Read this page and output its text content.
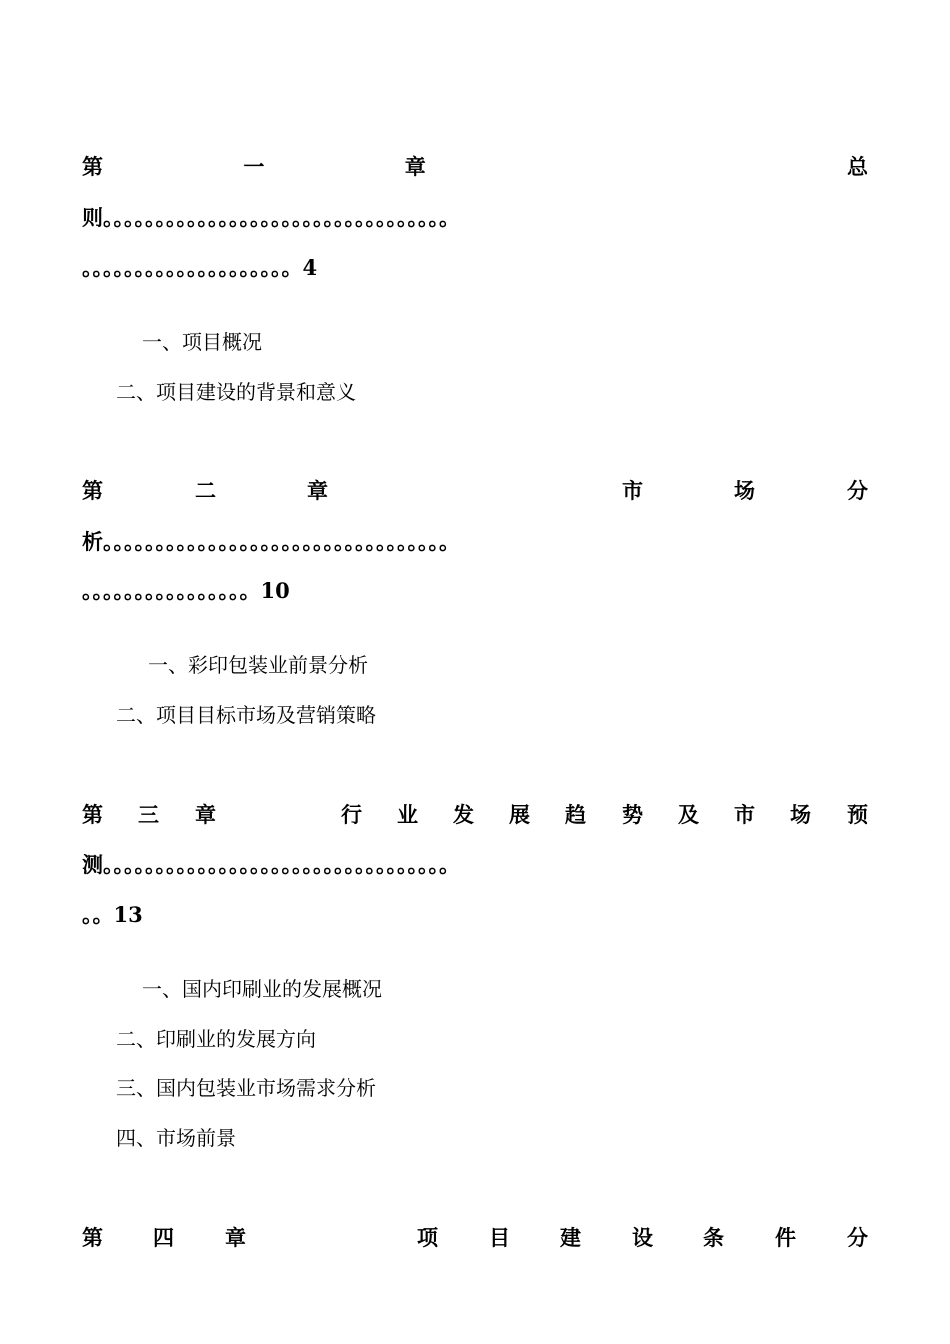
第	一	章	总
则。。。。。。。。。。。。。。。。。。。。。。。。。。。。。。。。。
。。。。。。。。。。。。。。。。。。。。4
一、项目概况
二、项目建设的背景和意义
第	二	章	市	场	分
析。。。。。。。。。。。。。。。。。。。。。。。。。。。。。。。。。
。。。。。。。。。。。。。。。。10
一、彩印包装业前景分析
二、项目目标市场及营销策略
第 三 章	行 业 发 展 趋 势 及 市 场 预
测。。。。。。。。。。。。。。。。。。。。。。。。。。。。。。。。。
。。13
一、国内印刷业的发展概况
二、印刷业的发展方向
三、国内包装业市场需求分析
四、市场前景
第 四 章	项 目 建 设 条 件 分
